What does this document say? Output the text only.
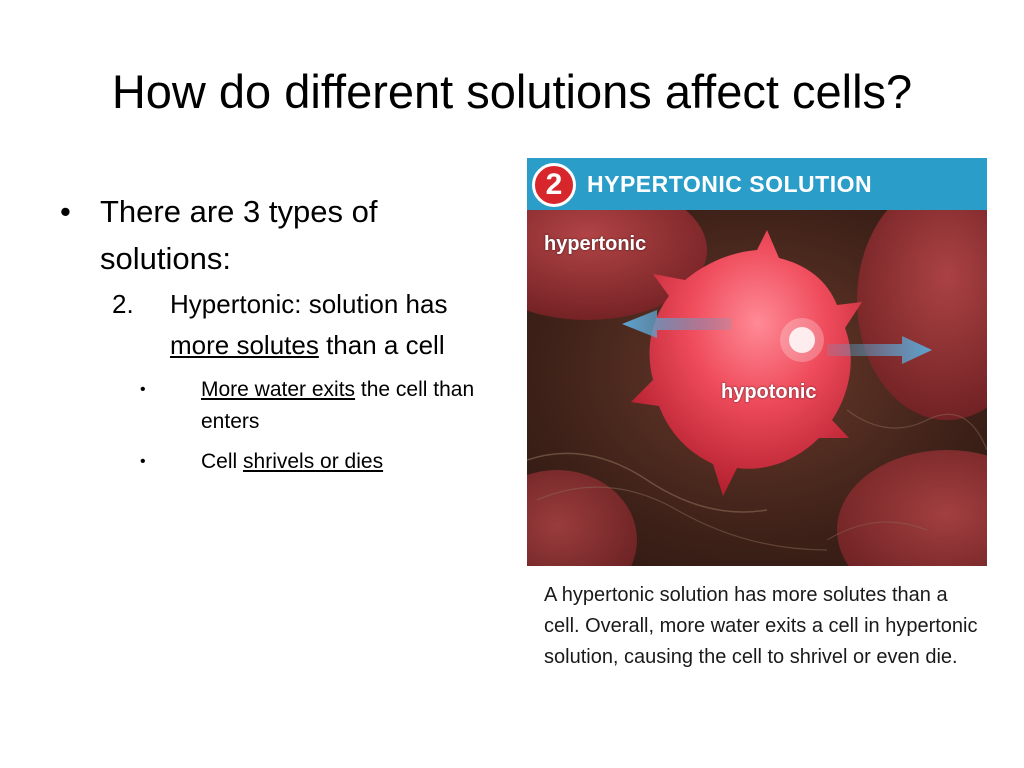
How do different solutions affect cells?
• There are 3 types of solutions:
2. Hypertonic: solution has more solutes than a cell
•	More water exits the cell than enters
•	Cell shrivels or dies
2	HYPERTONIC SOLUTION
hypertonic
hypotonic
A hypertonic solution has more solutes than a cell. Overall, more water exits a cell in hypertonic solution, causing the cell to shrivel or even die.
